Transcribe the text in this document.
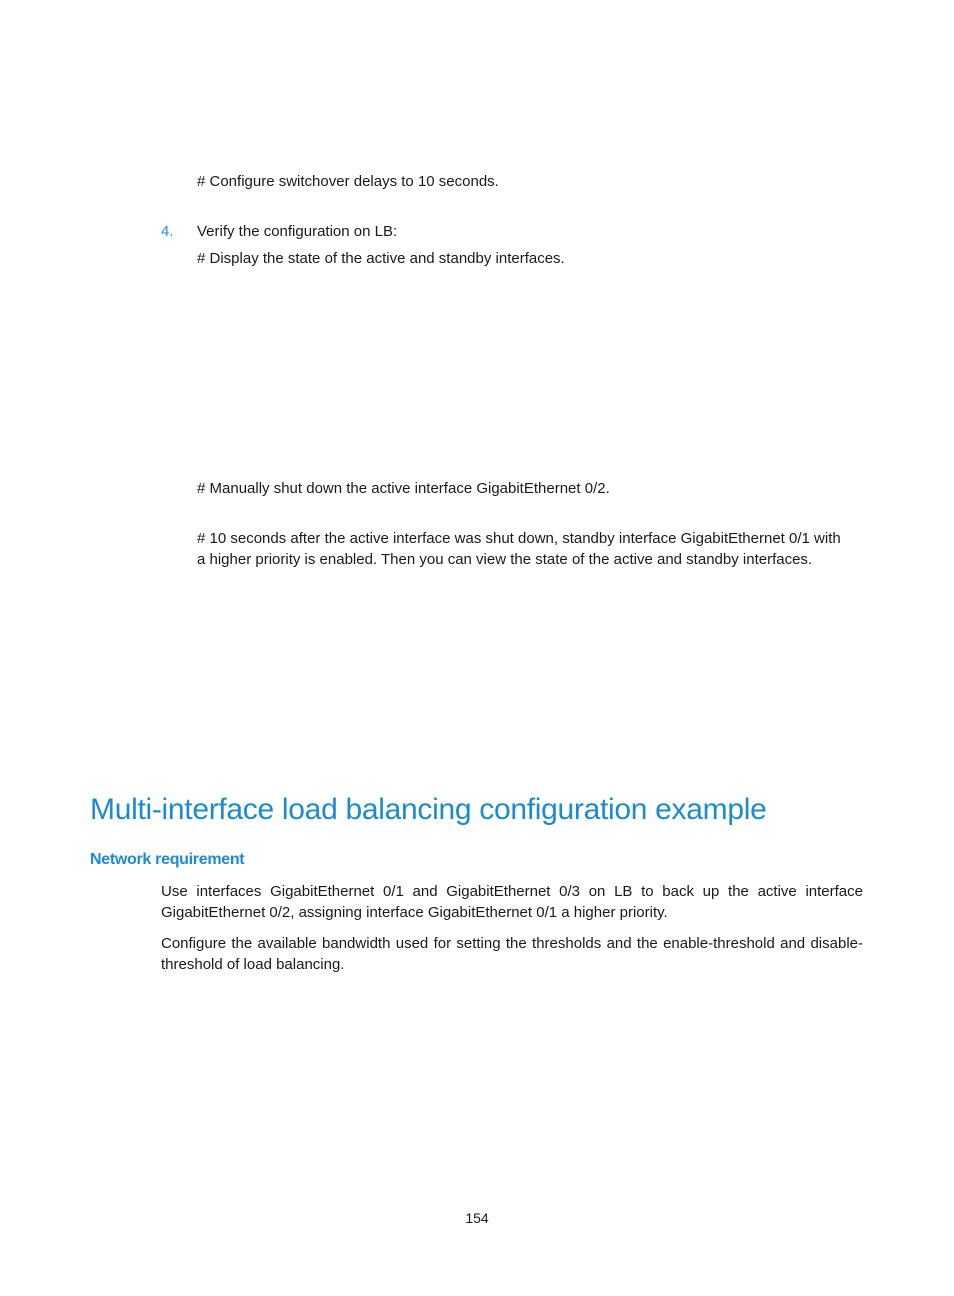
# Configure switchover delays to 10 seconds.
4. Verify the configuration on LB:
# Display the state of the active and standby interfaces.
# Manually shut down the active interface GigabitEthernet 0/2.
# 10 seconds after the active interface was shut down, standby interface GigabitEthernet 0/1 with
a higher priority is enabled. Then you can view the state of the active and standby interfaces.
Multi-interface load balancing configuration example
Network requirement
Use interfaces GigabitEthernet 0/1 and GigabitEthernet 0/3 on LB to back up the active interface GigabitEthernet 0/2, assigning interface GigabitEthernet 0/1 a higher priority.
Configure the available bandwidth used for setting the thresholds and the enable-threshold and disable-threshold of load balancing.
154
